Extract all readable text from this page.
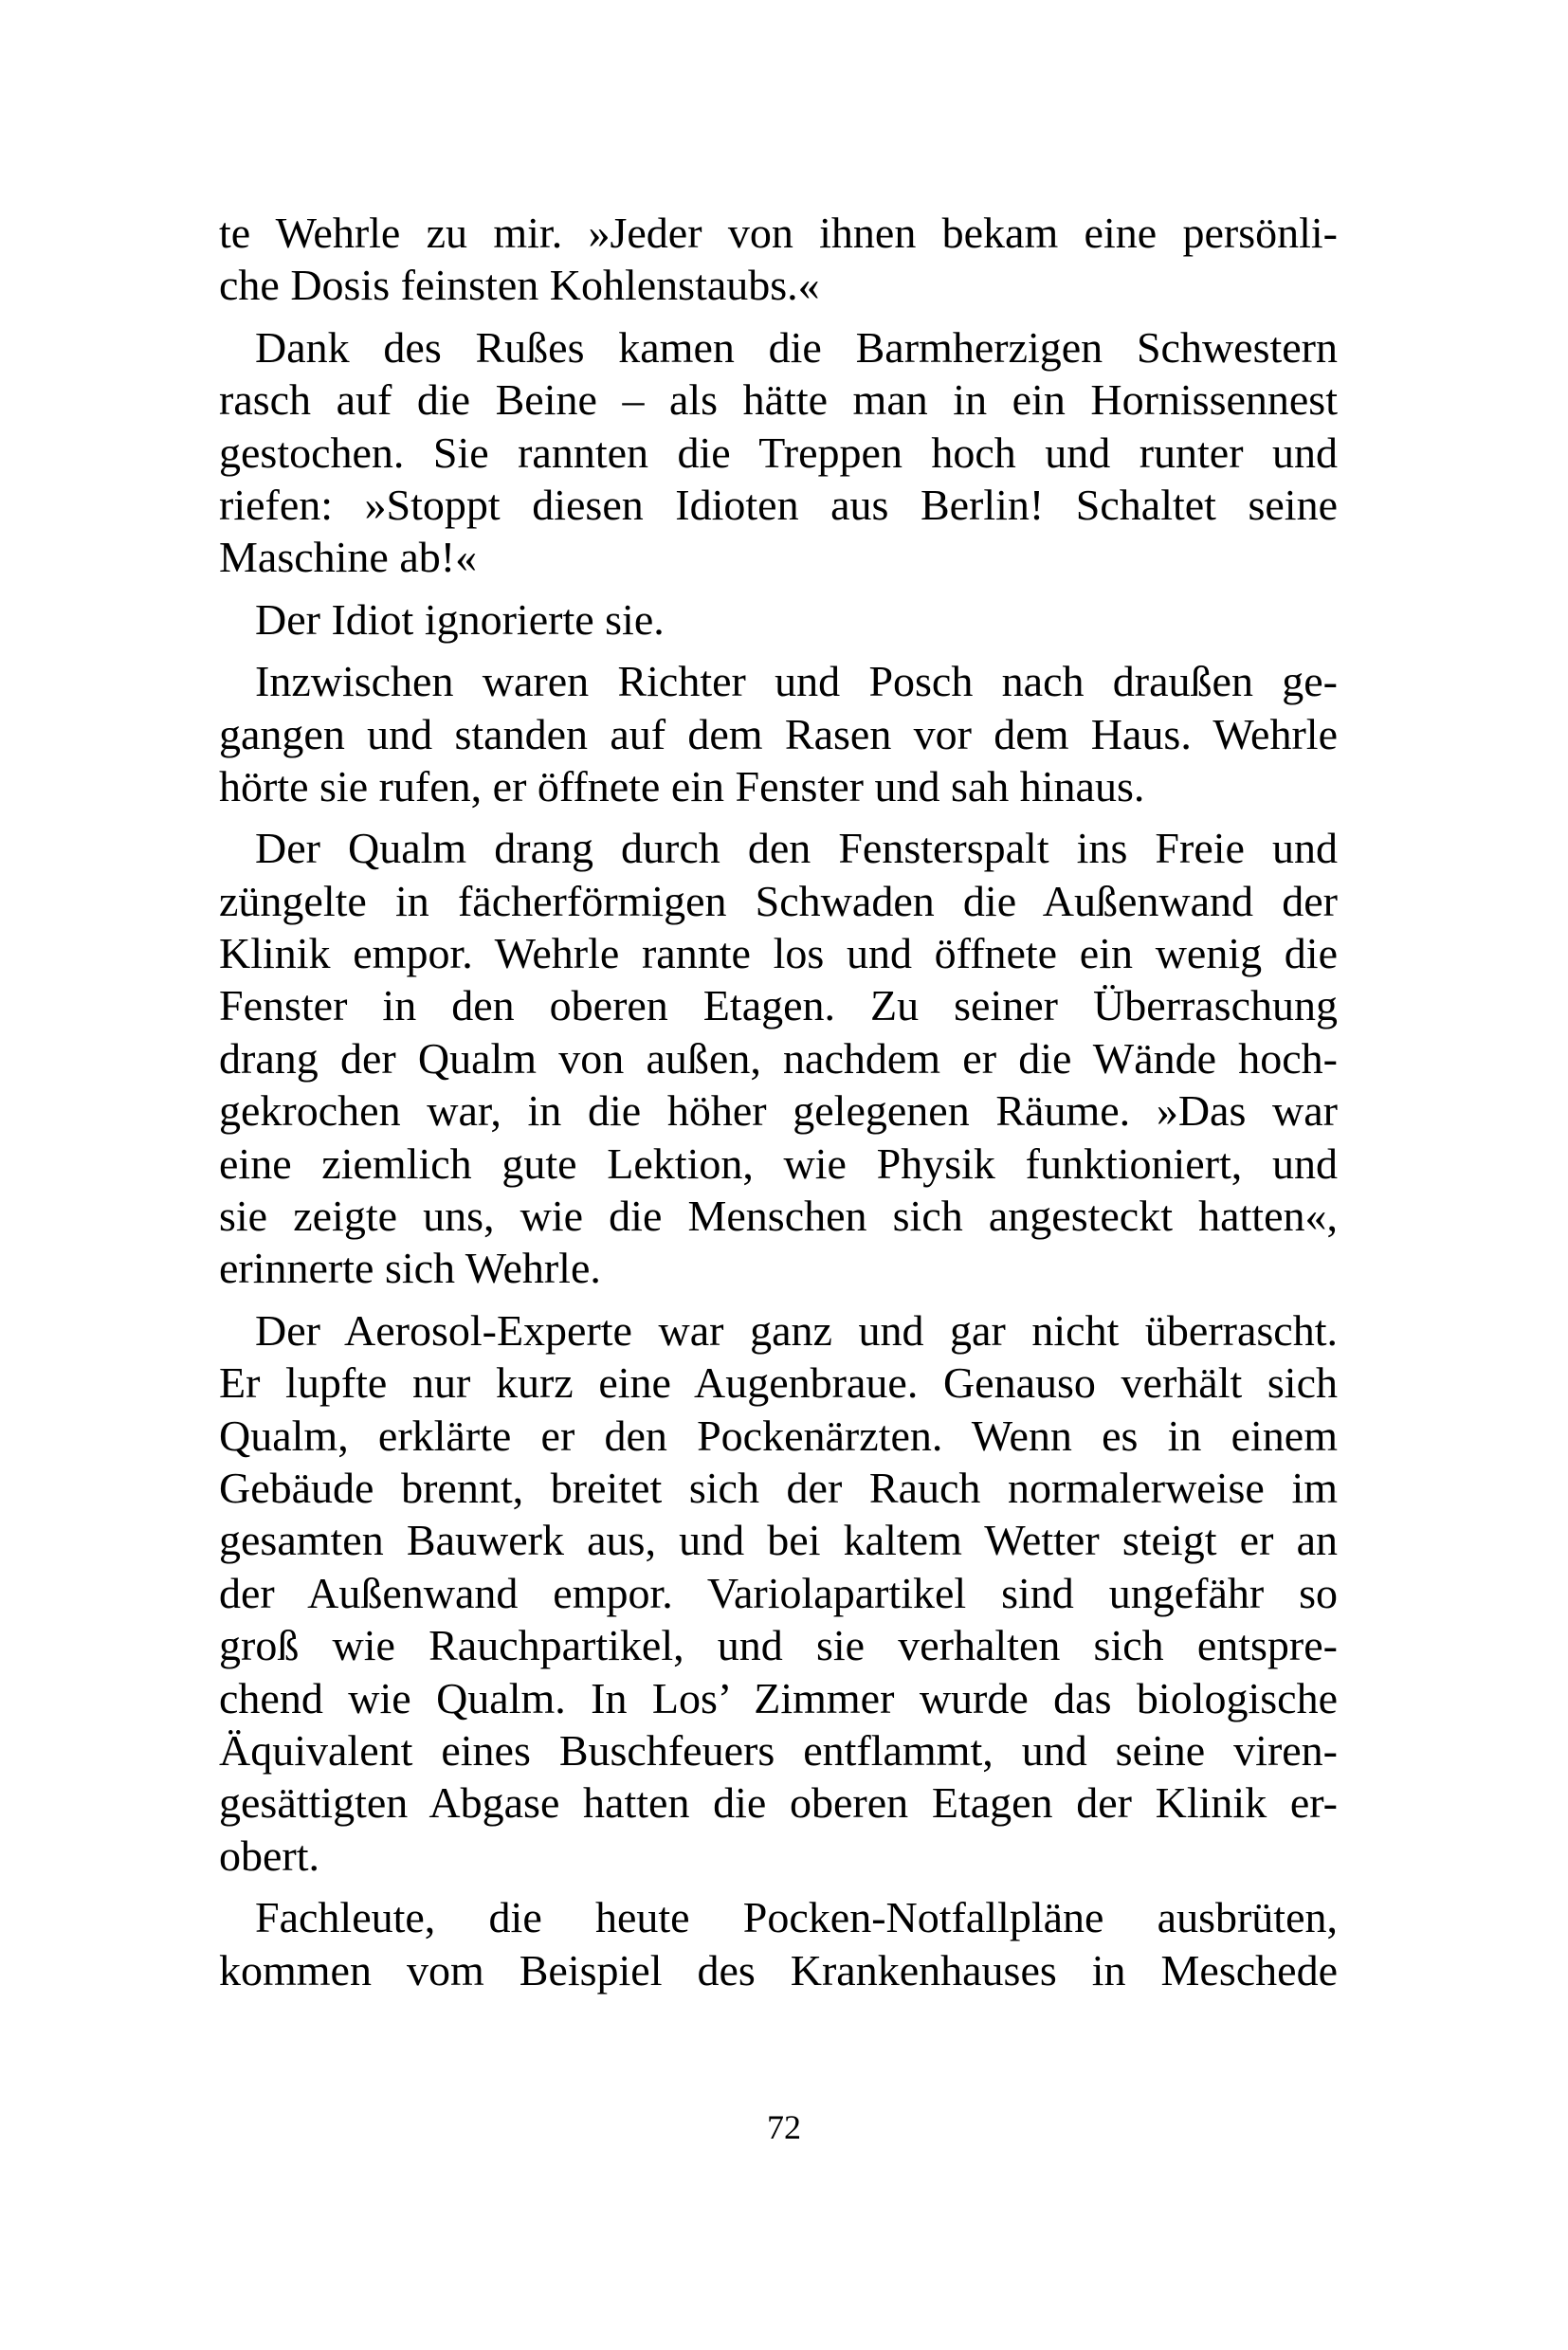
te Wehrle zu mir. »Jeder von ihnen bekam eine persönli-
che Dosis feinsten Kohlenstaubs.«
Dank des Rußes kamen die Barmherzigen Schwestern
rasch auf die Beine – als hätte man in ein Hornissennest
gestochen. Sie rannten die Treppen hoch und runter und
riefen: »Stoppt diesen Idioten aus Berlin! Schaltet seine
Maschine ab!«
Der Idiot ignorierte sie.
Inzwischen waren Richter und Posch nach draußen ge-
gangen und standen auf dem Rasen vor dem Haus. Wehrle
hörte sie rufen, er öffnete ein Fenster und sah hinaus.
Der Qualm drang durch den Fensterspalt ins Freie und
züngelte in fächerförmigen Schwaden die Außenwand der
Klinik empor. Wehrle rannte los und öffnete ein wenig die
Fenster in den oberen Etagen. Zu seiner Überraschung
drang der Qualm von außen, nachdem er die Wände hoch-
gekrochen war, in die höher gelegenen Räume. »Das war
eine ziemlich gute Lektion, wie Physik funktioniert, und
sie zeigte uns, wie die Menschen sich angesteckt hatten«,
erinnerte sich Wehrle.
Der Aerosol-Experte war ganz und gar nicht überrascht.
Er lupfte nur kurz eine Augenbraue. Genauso verhält sich
Qualm, erklärte er den Pockenärzten. Wenn es in einem
Gebäude brennt, breitet sich der Rauch normalerweise im
gesamten Bauwerk aus, und bei kaltem Wetter steigt er an
der Außenwand empor. Variolapartikel sind ungefähr so
groß wie Rauchpartikel, und sie verhalten sich entspre-
chend wie Qualm. In Los’ Zimmer wurde das biologische
Äquivalent eines Buschfeuers entflammt, und seine viren-
gesättigten Abgase hatten die oberen Etagen der Klinik er-
obert.
Fachleute, die heute Pocken-Notfallpläne ausbrüten,
kommen vom Beispiel des Krankenhauses in Meschede
72
